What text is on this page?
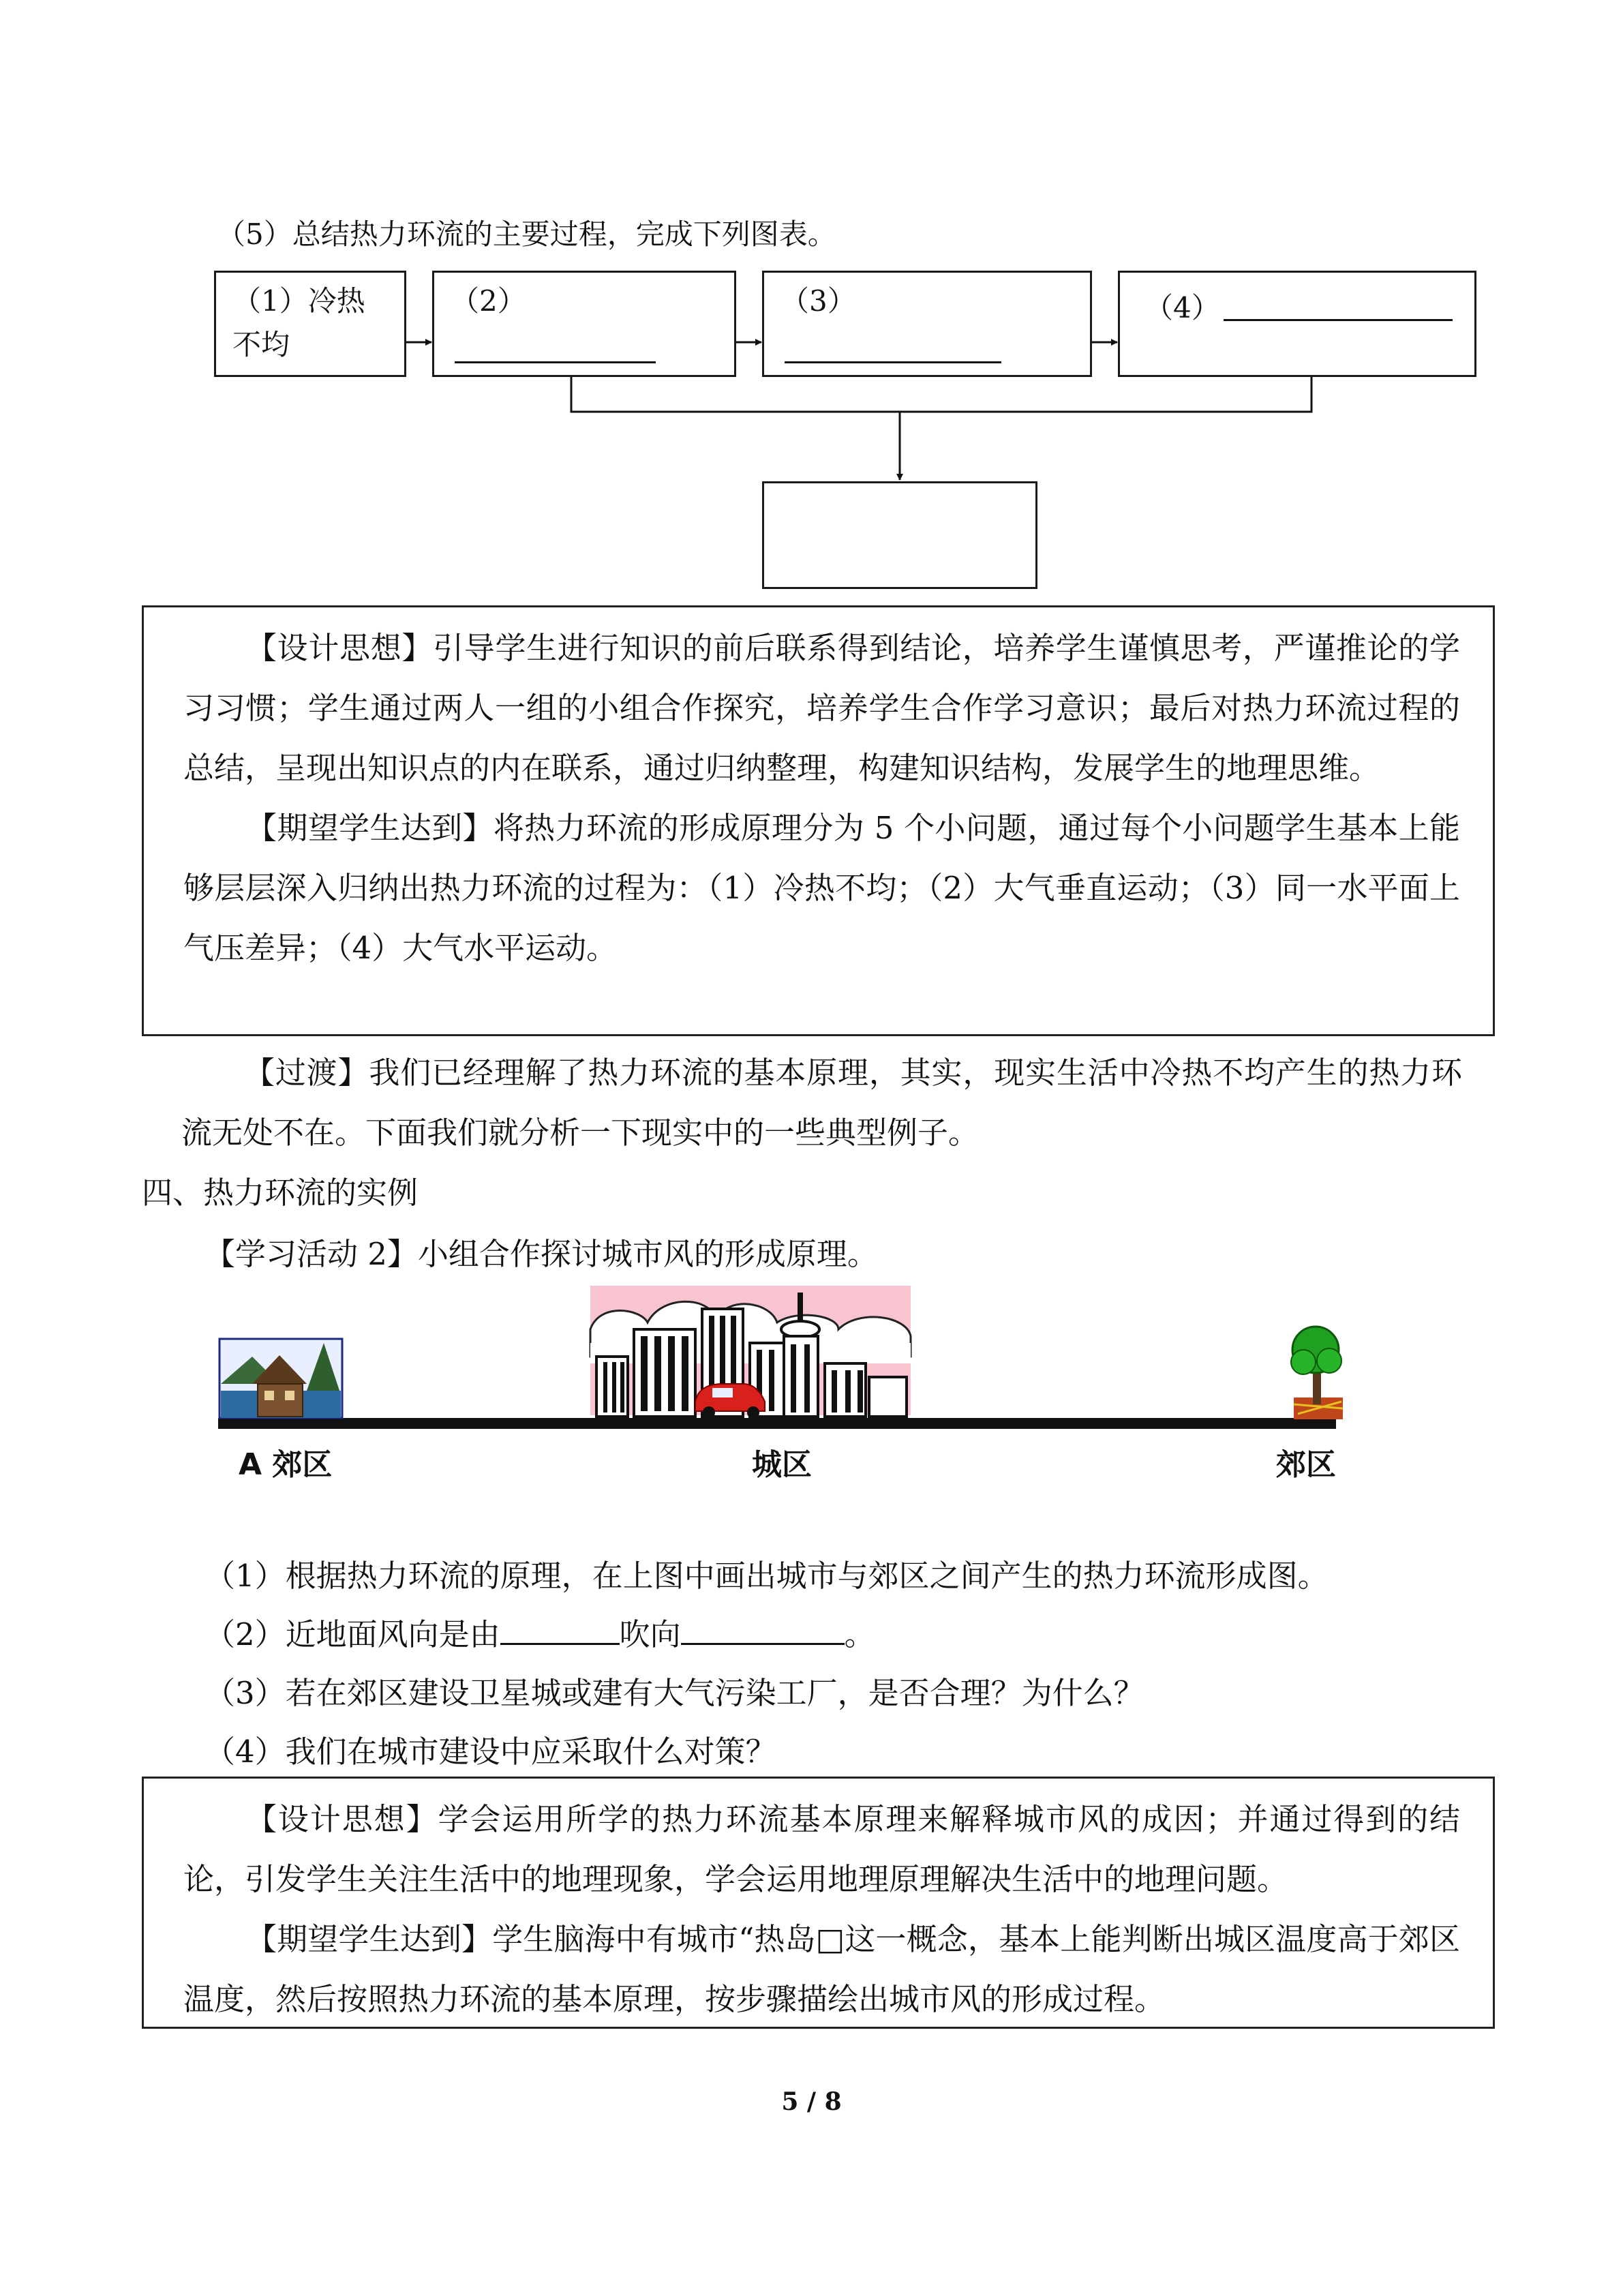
（5）总结热力环流的主要过程，完成下列图表。
（1）冷热
不均
（2）	（3）	（4）

【设计思想】引导学生进行知识的前后联系得到结论，培养学生谨慎思考，严谨推论的学习习惯；学生通过两人一组的小组合作探究，培养学生合作学习意识；最后对热力环流过程的总结，呈现出知识点的内在联系，通过归纳整理，构建知识结构，发展学生的地理思维。

【期望学生达到】将热力环流的形成原理分为 5 个小问题，通过每个小问题学生基本上能够层层深入归纳出热力环流的过程为：（1）冷热不均；（2）大气垂直运动；（3）同一水平面上气压差异；（4）大气水平运动。

【过渡】我们已经理解了热力环流的基本原理，其实，现实生活中冷热不均产生的热力环流无处不在。下面我们就分析一下现实中的一些典型例子。

四、热力环流的实例
【学习活动 2】小组合作探讨城市风的形成原理。
A 郊区	城区	郊区
（1）根据热力环流的原理，在上图中画出城市与郊区之间产生的热力环流形成图。
（2）近地面风向是由	吹向	。
（3）若在郊区建设卫星城或建有大气污染工厂，是否合理？为什么？
（4）我们在城市建设中应采取什么对策？

【设计思想】学会运用所学的热力环流基本原理来解释城市风的成因；并通过得到的结论，引发学生关注生活中的地理现象，学会运用地理原理解决生活中的地理问题。

【期望学生达到】学生脑海中有城市“热岛□这一概念，基本上能判断出城区温度高于郊区温度，然后按照热力环流的基本原理，按步骤描绘出城市风的形成过程。

5 / 8
